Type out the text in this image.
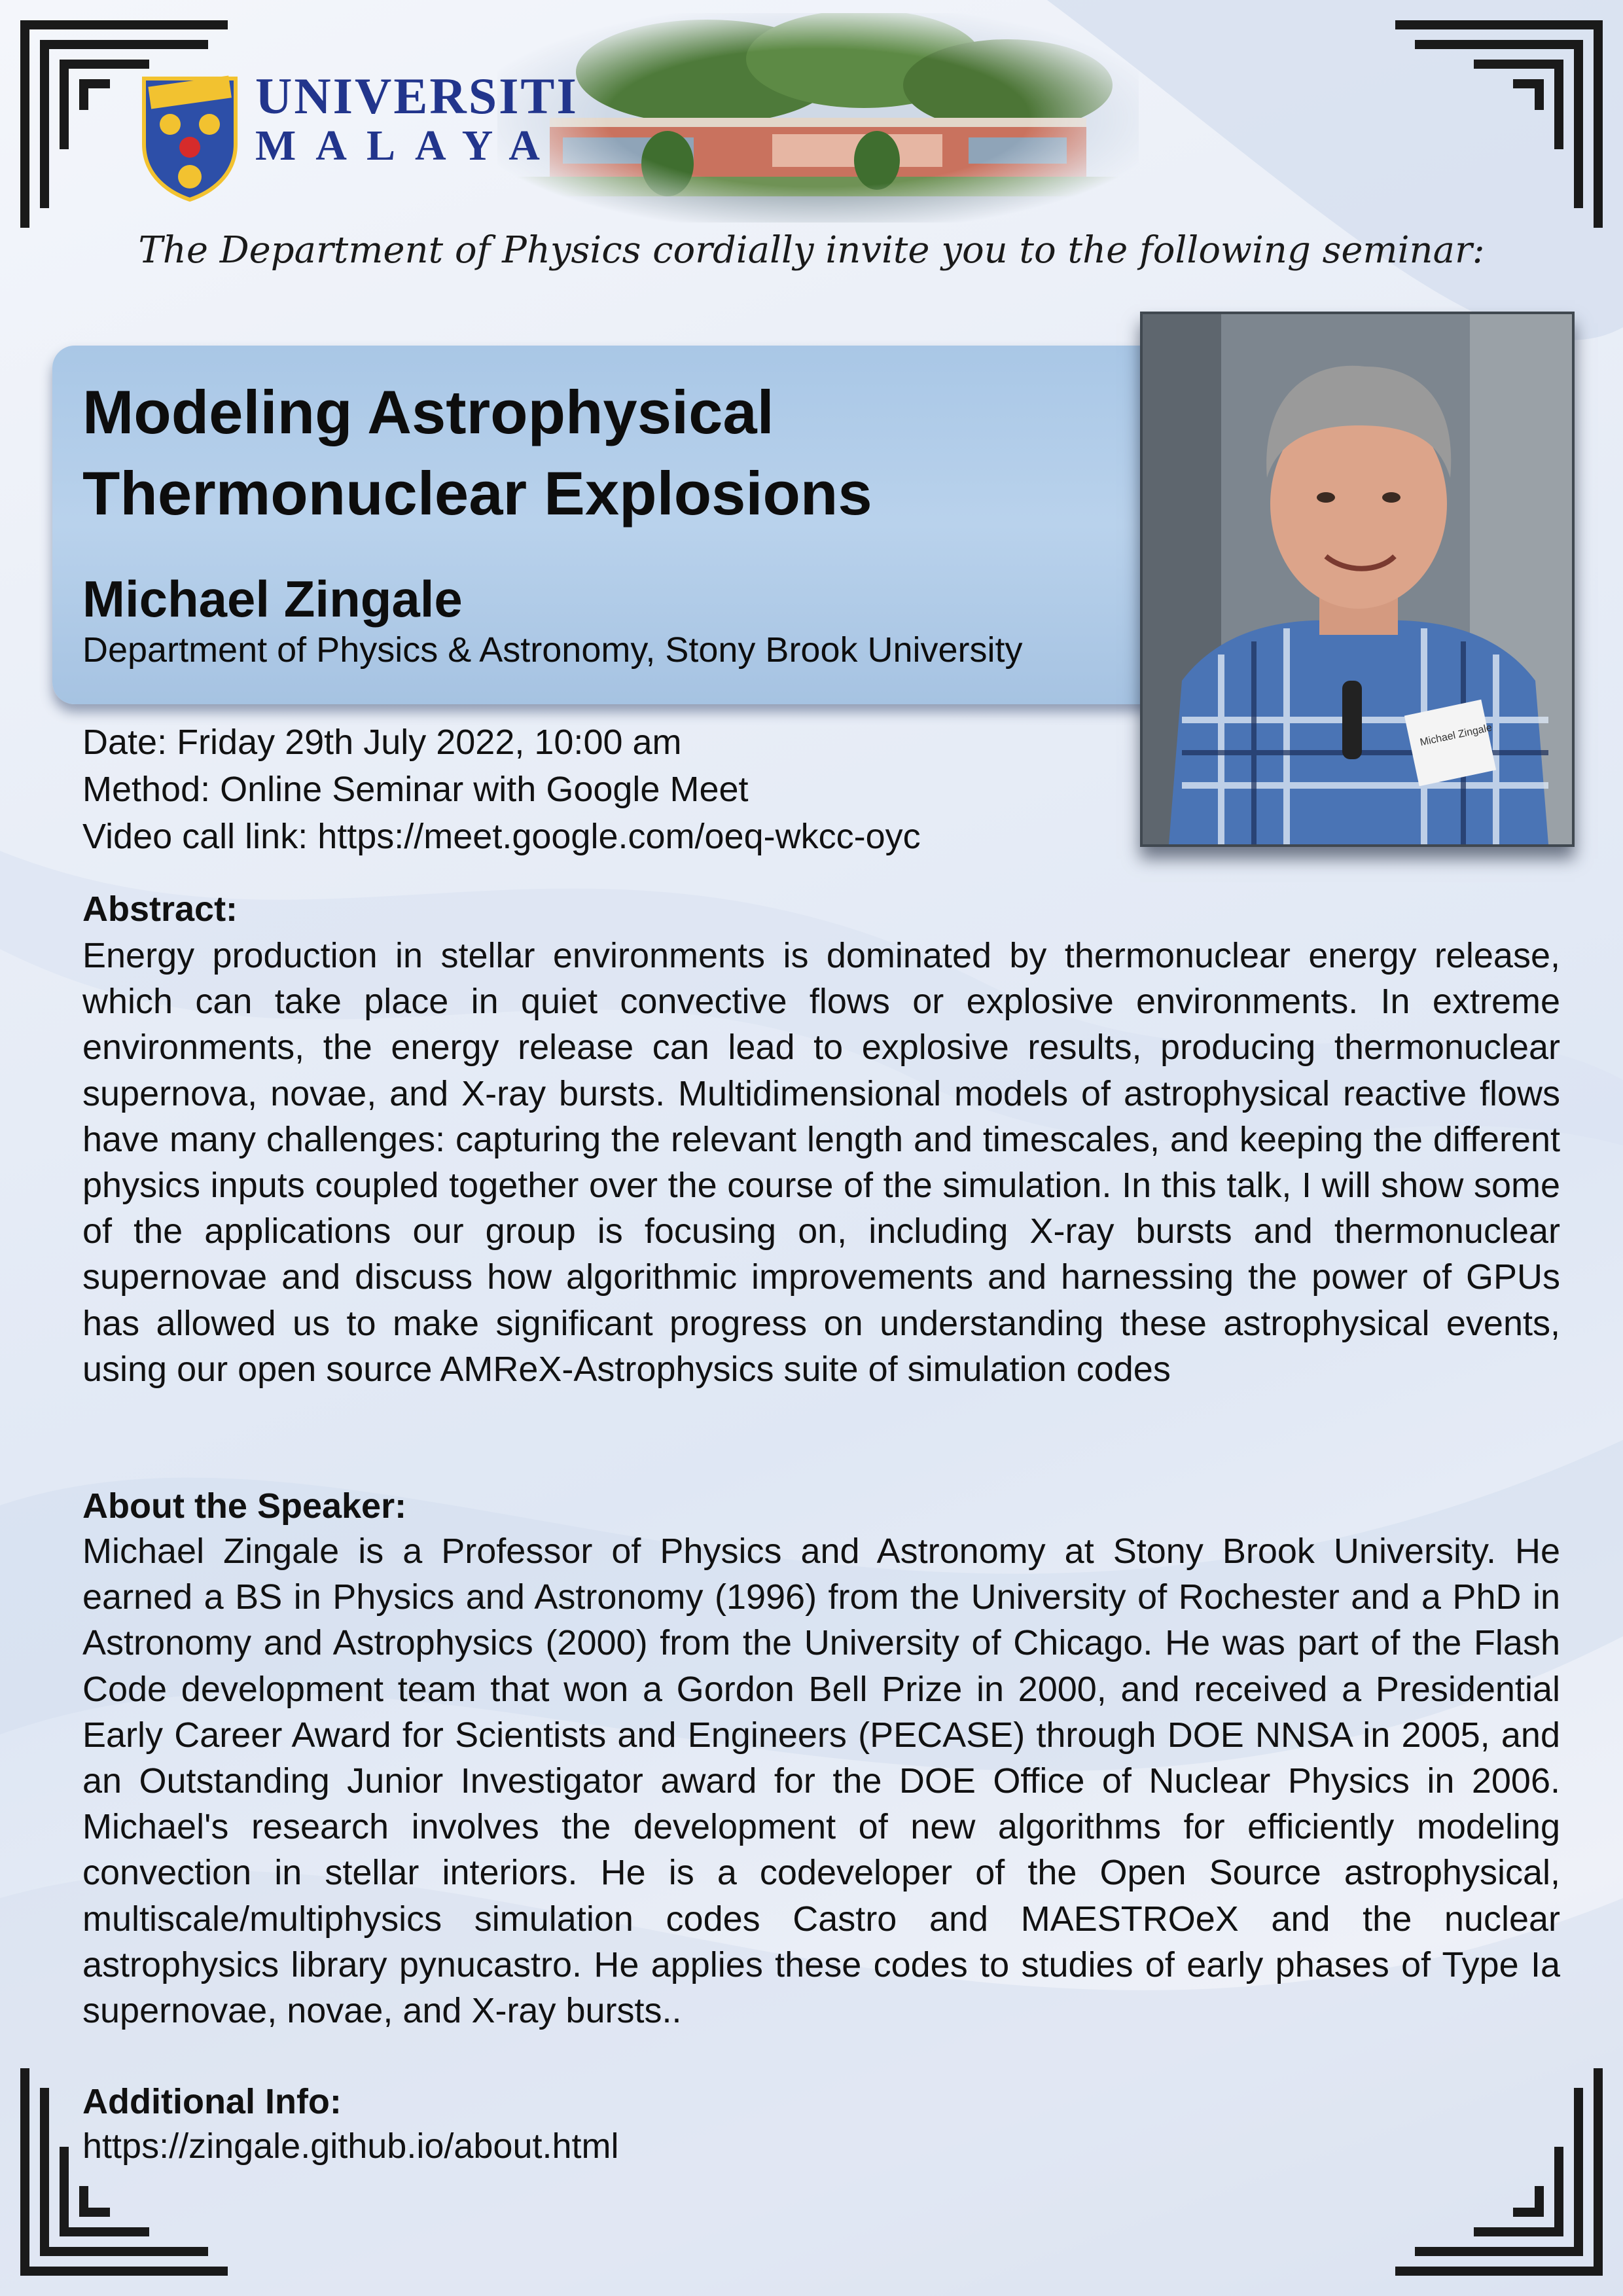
UNIVERSITI
MALAYA
The Department of Physics cordially invite you to the following seminar:
Modeling Astrophysical
Thermonuclear Explosions
Michael Zingale
Department of Physics & Astronomy, Stony Brook University
Michael Zingale
Date: Friday 29th July 2022, 10:00 am
Method: Online Seminar with Google Meet
Video call link: https://meet.google.com/oeq-wkcc-oyc
Abstract:
Energy production in stellar environments is dominated by thermonuclear energy release, which can take place in quiet convective flows or explosive environments. In extreme environments, the energy release can lead to explosive results, producing thermonuclear supernova, novae, and X-ray bursts. Multidimensional models of astrophysical reactive flows have many challenges: capturing the relevant length and timescales, and keeping the different physics inputs coupled together over the course of the simulation. In this talk, I will show some of the applications our group is focusing on, including X-ray bursts and thermonuclear supernovae and discuss how algorithmic improvements and harnessing the power of GPUs has allowed us to make significant progress on understanding these astrophysical events, using our open source AMReX-Astrophysics suite of simulation codes
About the Speaker:
Michael Zingale is a Professor of Physics and Astronomy at Stony Brook University. He earned a BS in Physics and Astronomy (1996) from the University of Rochester and a PhD in Astronomy and Astrophysics (2000) from the University of Chicago. He was part of the Flash Code development team that won a Gordon Bell Prize in 2000, and received a Presidential Early Career Award for Scientists and Engineers (PECASE) through DOE NNSA in 2005, and an Outstanding Junior Investigator award for the DOE Office of Nuclear Physics in 2006. Michael's research involves the development of new algorithms for efficiently modeling convection in stellar interiors. He is a codeveloper of the Open Source astrophysical, multiscale/multiphysics simulation codes Castro and MAESTROeX and the nuclear astrophysics library pynucastro. He applies these codes to studies of early phases of Type Ia supernovae, novae, and X-ray bursts..
Additional Info:
https://zingale.github.io/about.html
